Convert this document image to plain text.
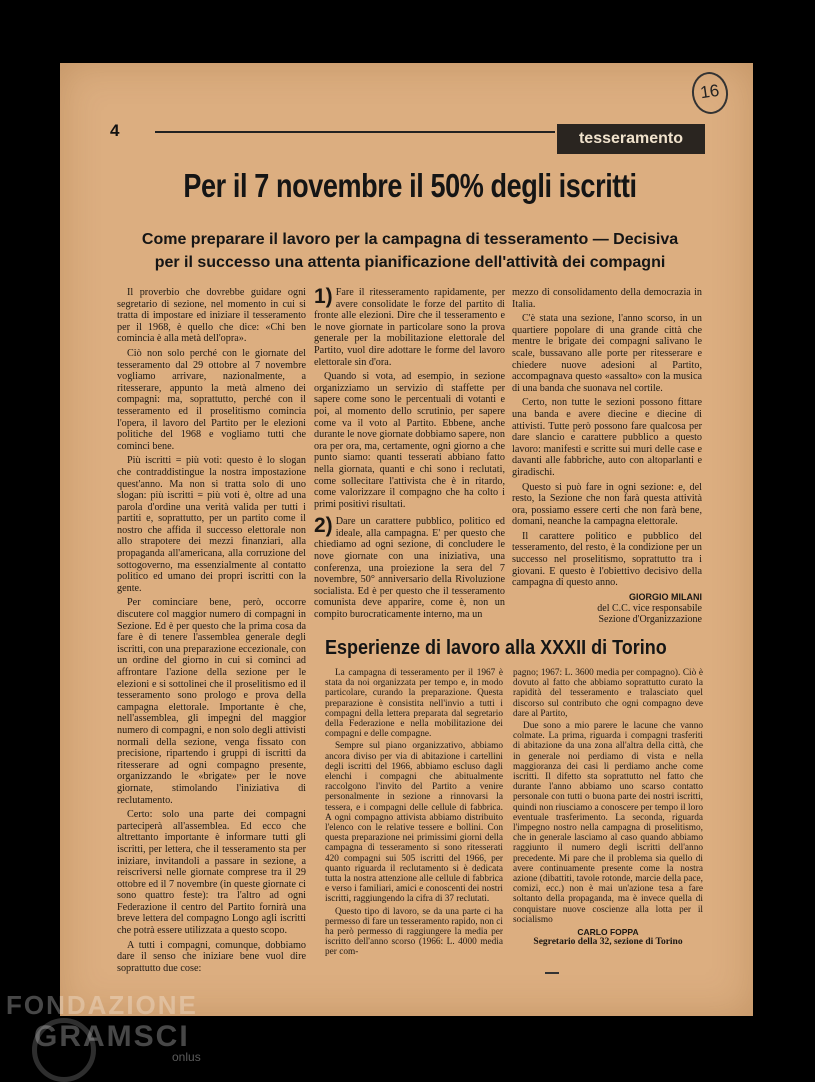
16
4	tesseramento
Per il 7 novembre il 50% degli iscritti
Come preparare il lavoro per la campagna di tesseramento — Decisiva
per il successo una attenta pianificazione dell'attività dei compagni

Il proverbio che dovrebbe guidare ogni segretario di sezione, nel momento in cui si tratta di impostare ed iniziare il tesseramento per il 1968, è quello che dice: «Chi ben comincia è alla metà dell'opra».

Ciò non solo perché con le giornate del tesseramento dal 29 ottobre al 7 novembre vogliamo arrivare, nazionalmente, a ritesserare, appunto la metà almeno dei compagni: ma, soprattutto, perché con il tesseramento ed il proselitismo comincia l'opera, il lavoro del Partito per le elezioni politiche del 1968 e vogliamo tutti che cominci bene.

Più iscritti = più voti: questo è lo slogan che contraddistingue la nostra impostazione quest'anno. Ma non si tratta solo di uno slogan: più iscritti = più voti è, oltre ad una parola d'ordine una verità valida per tutti i partiti e, soprattutto, per un partito come il nostro che affida il successo elettorale non allo strapotere dei mezzi finanziari, alla propaganda all'americana, alla corruzione del sottogoverno, ma essenzialmente al contatto politico ed umano dei propri iscritti con la gente.

Per cominciare bene, però, occorre discutere col maggior numero di compagni in Sezione. Ed è per questo che la prima cosa da fare è di tenere l'assemblea generale degli iscritti, con una preparazione eccezionale, con un ordine del giorno in cui si cominci ad affrontare l'azione della sezione per le elezioni e si sottolinei che il proselitismo ed il tesseramento sono prologo e prova della campagna elettorale. Importante è che, nell'assemblea, gli impegni del maggior numero di compagni, e non solo degli attivisti normali della sezione, venga fissato con precisione, ripartendo i gruppi di iscritti da ritesserare ad ogni compagno presente, organizzando le «brigate» per le nove giornate, stimolando l'iniziativa di reclutamento.

Certo: solo una parte dei compagni parteciperà all'assemblea. Ed ecco che altrettanto importante è informare tutti gli iscritti, per lettera, che il tesseramento sta per iniziare, invitandoli a passare in sezione, a reiscriversi nelle giornate comprese tra il 29 ottobre ed il 7 novembre (in queste giornate ci sono quattro feste): tra l'altro ad ogni Federazione il centro del Partito fornirà una breve lettera del compagno Longo agli iscritti che potrà essere utilizzata a questo scopo.

A tutti i compagni, comunque, dobbiamo dare il senso che iniziare bene vuol dire soprattutto due cose:

1) Fare il ritesseramento rapidamente, per avere consolidate le forze del partito di fronte alle elezioni. Dire che il tesseramento e le nove giornate in particolare sono la prova generale per la mobilitazione elettorale del Partito, vuol dire adottare le forme del lavoro elettorale sin d'ora.

Quando si vota, ad esempio, in sezione organizziamo un servizio di staffette per sapere come sono le percentuali di votanti e poi, al momento dello scrutinio, per sapere come va il voto al Partito. Ebbene, anche durante le nove giornate dobbiamo sapere, non ora per ora, ma, certamente, ogni giorno a che punto siamo: quanti tesserati abbiano fatto nella giornata, quanti e chi sono i reclutati, come sollecitare l'attivista che è in ritardo, come valorizzare il compagno che ha colto i primi positivi risultati.

2) Dare un carattere pubblico, politico ed ideale, alla campagna. E' per questo che chiediamo ad ogni sezione, di concludere le nove giornate con una iniziativa, una conferenza, una proiezione la sera del 7 novembre, 50° anniversario della Rivoluzione socialista. Ed è per questo che il tesseramento comunista deve apparire, come è, non un compito burocraticamente interno, ma un

mezzo di consolidamento della democrazia in Italia.

C'è stata una sezione, l'anno scorso, in un quartiere popolare di una grande città che mentre le brigate dei compagni salivano le scale, bussavano alle porte per ritesserare e chiedere nuove adesioni al Partito, accompagnava questo «assalto» con la musica di una banda che suonava nel cortile.

Certo, non tutte le sezioni possono fittare una banda e avere diecine e diecine di attivisti. Tutte però possono fare qualcosa per dare slancio e carattere pubblico a questo lavoro: manifesti e scritte sui muri delle case e davanti alle fabbriche, auto con altoparlanti e giradischi.

Questo si può fare in ogni sezione: e, del resto, la Sezione che non farà questa attività ora, possiamo essere certi che non farà bene, domani, neanche la campagna elettorale.

Il carattere politico e pubblico del tesseramento, del resto, è la condizione per un successo nel proselitismo, soprattutto tra i giovani. E questo è l'obiettivo decisivo della campagna di questo anno.

GIORGIO MILANI
del C.C. vice responsabile
Sezione d'Organizzazione
Esperienze di lavoro alla XXXII di Torino

La campagna di tesseramento per il 1967 è stata da noi organizzata per tempo e, in modo particolare, curando la preparazione. Questa preparazione è consistita nell'invio a tutti i compagni della lettera preparata dal segretario della Federazione e nella mobilitazione dei compagni e delle compagne.

Sempre sul piano organizzativo, abbiamo ancora diviso per via di abitazione i cartellini degli iscritti del 1966, abbiamo escluso dagli elenchi i compagni che abitualmente raccolgono l'invito del Partito a venire personalmente in sezione a rinnovarsi la tessera, e i compagni delle cellule di fabbrica. A ogni compagno attivista abbiamo distribuito l'elenco con le relative tessere e bollini. Con questa preparazione nei primissimi giorni della campagna di tesseramento si sono ritesserati 420 compagni sui 505 iscritti del 1966, per quanto riguarda il reclutamento si è dedicata tutta la nostra attenzione alle cellule di fabbrica e verso i familiari, amici e conoscenti dei nostri iscritti, raggiungendo la cifra di 37 reclutati.

Questo tipo di lavoro, se da una parte ci ha permesso di fare un tesseramento rapido, non ci ha però permesso di raggiungere la media per iscritto dell'anno scorso (1966: L. 4000 media per com-

pagno; 1967: L. 3600 media per compagno). Ciò è dovuto al fatto che abbiamo soprattutto curato la rapidità del tesseramento e tralasciato quel discorso sul contributo che ogni compagno deve dare al Partito,

Due sono a mio parere le lacune che vanno colmate. La prima, riguarda i compagni trasferiti di abitazione da una zona all'altra della città, che in generale noi perdiamo di vista e nella maggioranza dei casi li perdiamo anche come iscritti. Il difetto sta soprattutto nel fatto che durante l'anno abbiamo uno scarso contatto personale con tutti o buona parte dei nostri iscritti, quindi non riusciamo a conoscere per tempo il loro eventuale trasferimento. La seconda, riguarda l'impegno nostro nella campagna di proselitismo, che in generale lasciamo al caso quando abbiamo raggiunto il numero degli iscritti dell'anno precedente. Mi pare che il problema sia quello di avere continuamente presente come la nostra azione (dibattiti, tavole rotonde, marcie della pace, comizi, ecc.) non è mai un'azione tesa a fare soltanto della propaganda, ma è invece quella di conquistare nuove coscienze alla lotta per il socialismo

CARLO FOPPA
Segretario della 32, sezione di Torino
FONDAZIONE
GRAMSCI
onlus
